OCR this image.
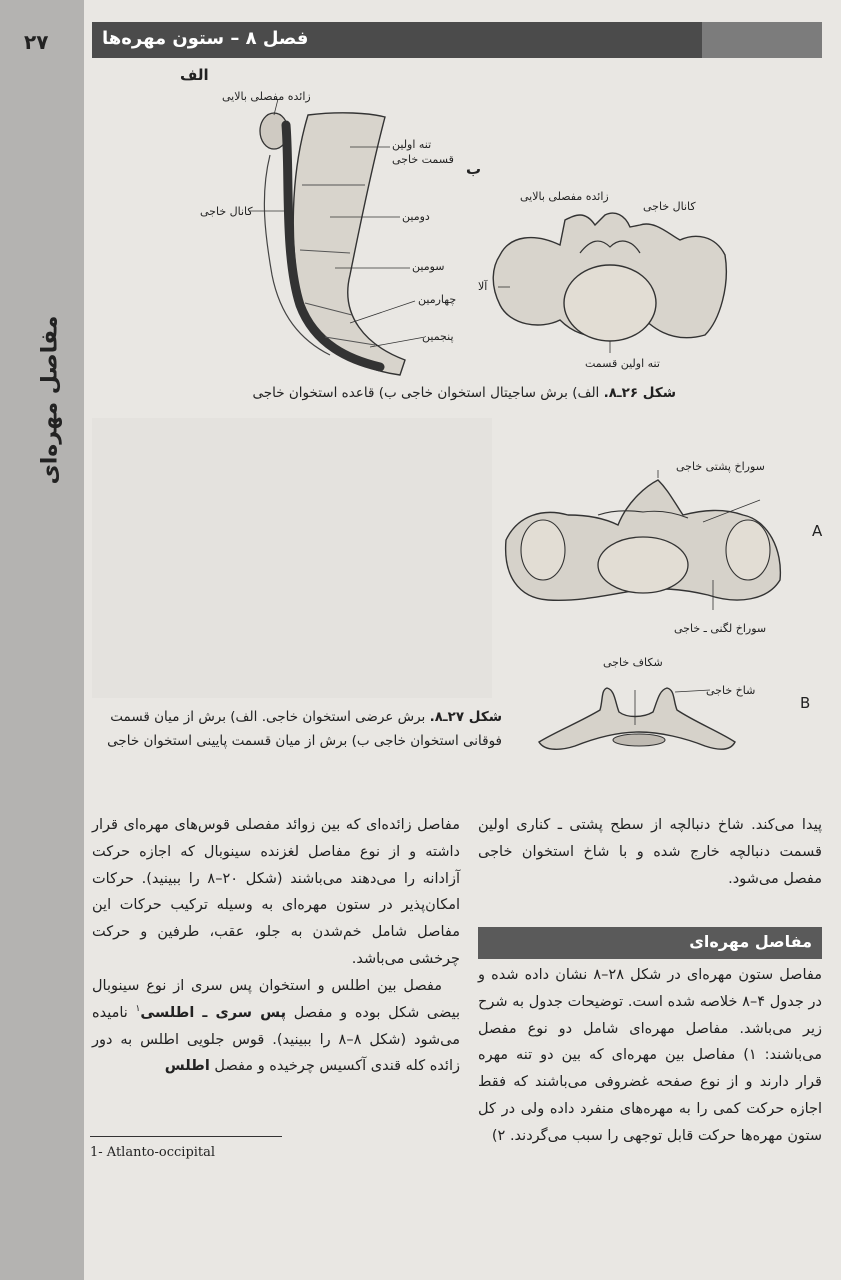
۲۷
مفاصل مهره‌ای
فصل ۸ – ستون مهره‌ها
الف
زائده مفصلی بالایی
تنه اولین
قسمت خاجی
کانال خاجی	دومین
سومین
چهارمین
پنجمین
ب
زائده مفصلی بالایی
کانال خاجی
آلا
تنه اولین قسمت
شکل ۲۶ـ۸. الف) برش ساجیتال استخوان خاجی ب) قاعده استخوان خاجی
سوراخ پشتی خاجی
سوراخ لگنی ـ خاجی
A
شکاف خاجی
شاخ خاجی
B
شکل ۲۷ـ۸. برش عرضی استخوان خاجی. الف) برش از میان قسمت
فوقانی استخوان خاجی ب) برش از میان قسمت پایینی استخوان خاجی

پیدا می‌کند. شاخ دنبالچه از سطح پشتی ـ کناری اولین قسمت دنبالچه خارج شده و با شاخ استخوان خاجی مفصل می‌شود.

مفاصل مهره‌ای

مفاصل ستون مهره‌ای در شکل ۲۸–۸ نشان داده شده و در جدول ۴–۸ خلاصه شده است. توضیحات جدول به شرح زیر می‌باشد. مفاصل مهره‌ای شامل دو نوع مفصل می‌باشند: ۱) مفاصل بین مهره‌ای که بین دو تنه مهره قرار دارند و از نوع صفحه غضروفی می‌باشند که فقط اجازه حرکت کمی را به مهره‌های منفرد داده ولی در کل ستون مهره‌ها حرکت قابل توجهی را سبب می‌گردند. ۲)

مفاصل زائده‌ای که بین زوائد مفصلی قوس‌های مهره‌ای قرار داشته و از نوع مفاصل لغزنده سینوبال که اجازه حرکت آزادانه را می‌دهند می‌باشند (شکل ۲۰–۸ را ببینید). حرکات امکان‌پذیر در ستون مهره‌ای به وسیله ترکیب حرکات این مفاصل شامل خم‌شدن به جلو، عقب، طرفین و حرکت چرخشی می‌باشد.

مفصل بین اطلس و استخوان پس سری از نوع سینوبال بیضی شکل بوده و مفصل پس سری ـ اطلسی$^۱$ نامیده می‌شود (شکل ۸–۸ را ببینید). قوس جلویی اطلس به دور زائده کله قندی آکسیس چرخیده و مفصل اطلس

1- Atlanto-occipital
